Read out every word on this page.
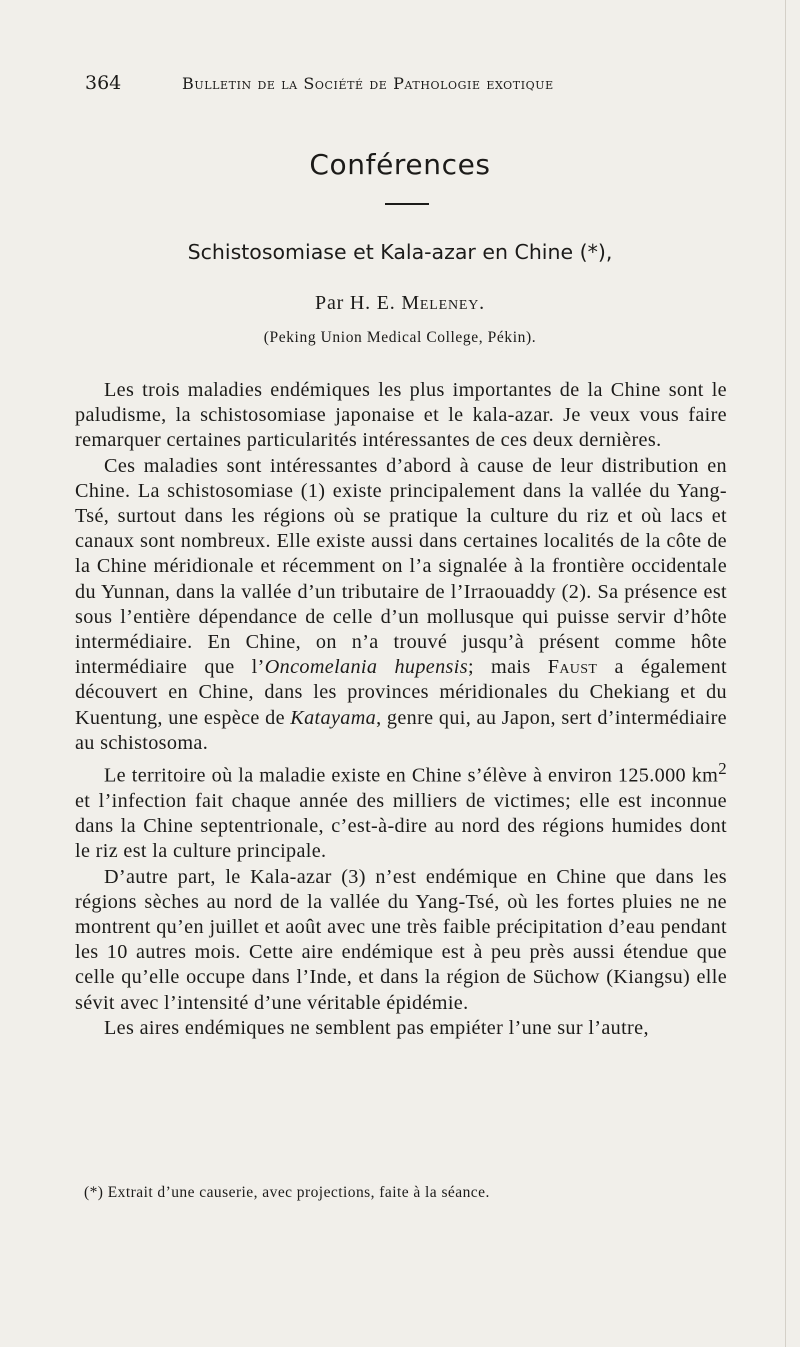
364	Bulletin de la Société de Pathologie exotique
Conférences
Schistosomiase et Kala-azar en Chine (*),
Par H. E. Meleney.
(Peking Union Medical College, Pékin).

Les trois maladies endémiques les plus importantes de la Chine sont le paludisme, la schistosomiase japonaise et le kala-azar. Je veux vous faire remarquer certaines particularités intéressantes de ces deux dernières.

Ces maladies sont intéressantes d’abord à cause de leur distribution en Chine. La schistosomiase (1) existe principalement dans la vallée du Yang-Tsé, surtout dans les régions où se pratique la culture du riz et où lacs et canaux sont nombreux. Elle existe aussi dans certaines localités de la côte de la Chine méridionale et récemment on l’a signalée à la frontière occidentale du Yunnan, dans la vallée d’un tributaire de l’Irraouaddy (2). Sa présence est sous l’entière dépendance de celle d’un mollusque qui puisse servir d’hôte intermédiaire. En Chine, on n’a trouvé jusqu’à présent comme hôte intermédiaire que l’Oncomelania hupensis; mais Faust a également découvert en Chine, dans les provinces méridionales du Chekiang et du Kuentung, une espèce de Katayama, genre qui, au Japon, sert d’intermédiaire au schistosoma.

Le territoire où la maladie existe en Chine s’élève à environ 125.000 $km^2$ et l’infection fait chaque année des milliers de victimes; elle est inconnue dans la Chine septentrionale, c’est-à-dire au nord des régions humides dont le riz est la culture principale.

D’autre part, le Kala-azar (3) n’est endémique en Chine que dans les régions sèches au nord de la vallée du Yang-Tsé, où les fortes pluies ne ne montrent qu’en juillet et août avec une très faible précipitation d’eau pendant les 10 autres mois. Cette aire endémique est à peu près aussi étendue que celle qu’elle occupe dans l’Inde, et dans la région de Süchow (Kiangsu) elle sévit avec l’intensité d’une véritable épidémie.

Les aires endémiques ne semblent pas empiéter l’une sur l’autre,

(*) Extrait d’une causerie, avec projections, faite à la séance.
